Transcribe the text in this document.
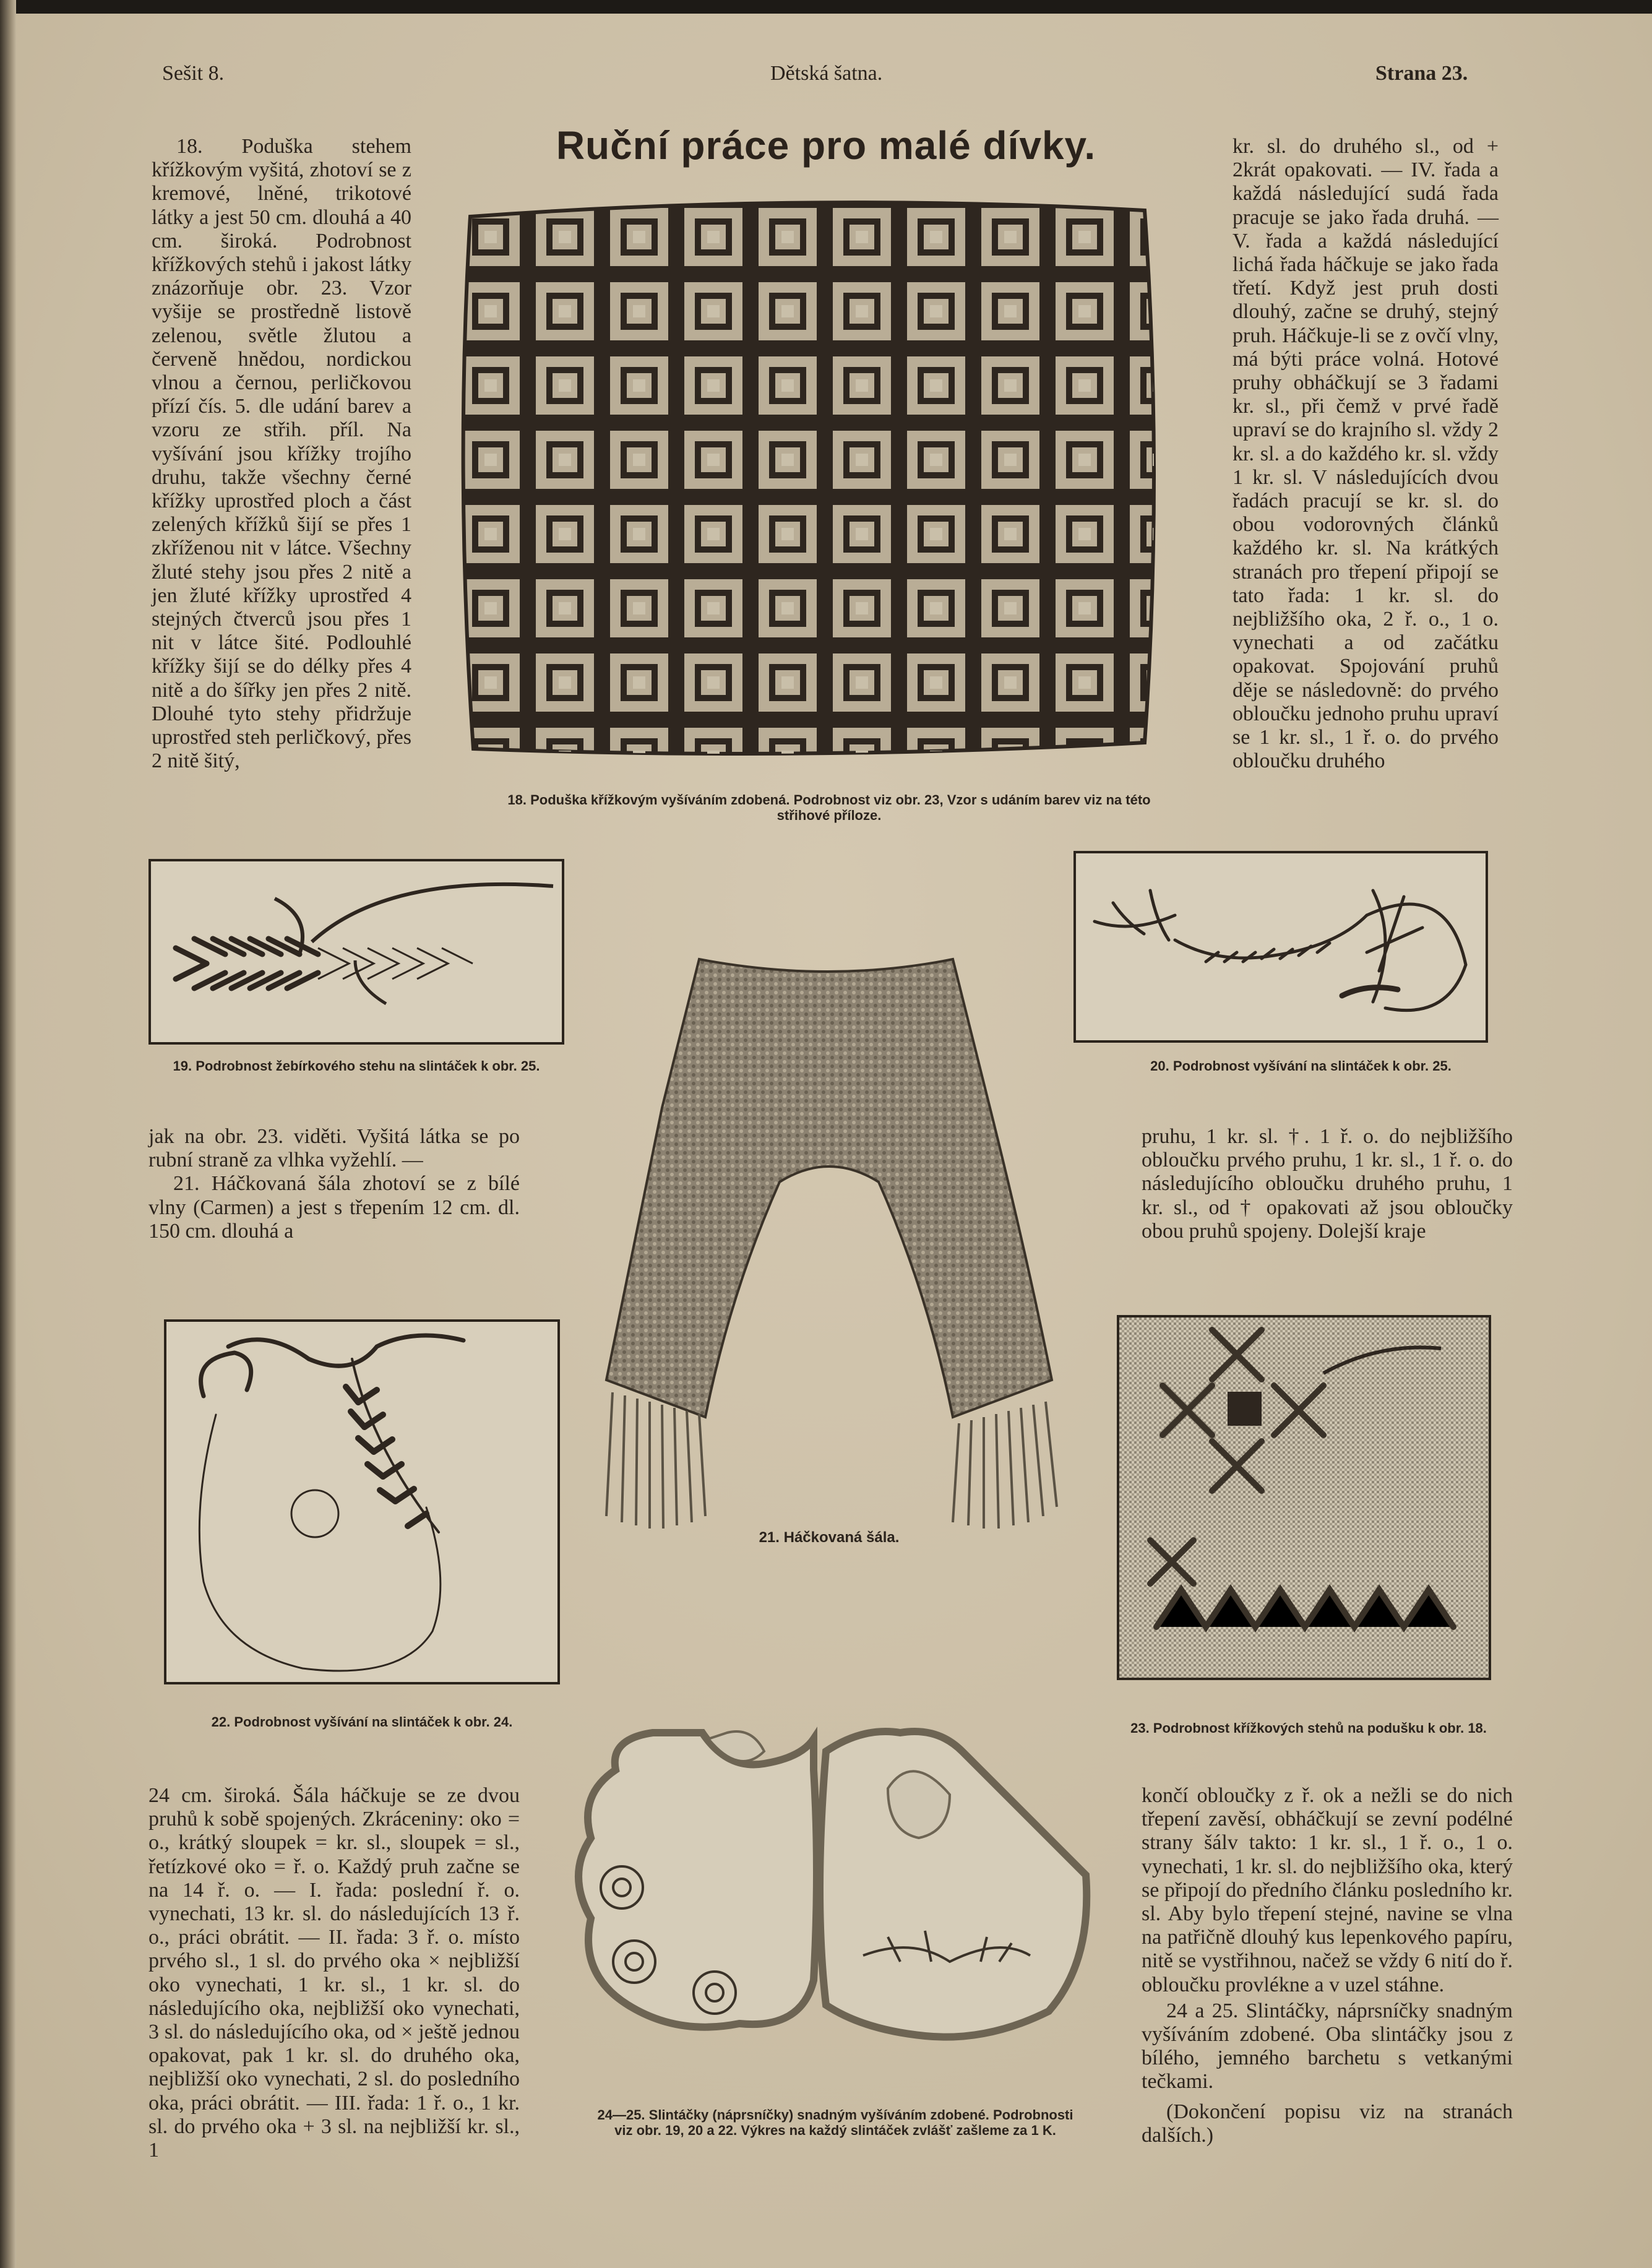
Sešit 8.	Dětská šatna.	Strana 23.
Ruční práce pro malé dívky.

18. Poduška stehem křížkovým vyšitá, zhotoví se z kremové, lněné, trikotové látky a jest 50 cm. dlouhá a 40 cm. široká. Podrobnost křížkových stehů i jakost látky znázorňuje obr. 23. Vzor vyšije se prostředně listově zelenou, světle žlutou a červeně hnědou, nordickou vlnou a černou, perličkovou přízí čís. 5. dle udání barev a vzoru ze střih. příl. Na vyšívání jsou křížky trojího druhu, takže všechny černé křížky uprostřed ploch a část zelených křížků šijí se přes 1 zkříženou nit v látce. Všechny žluté stehy jsou přes 2 nitě a jen žluté křížky uprostřed 4 stejných čtverců jsou přes 1 nit v látce šité. Podlouhlé křížky šijí se do délky přes 4 nitě a do šířky jen přes 2 nitě. Dlouhé tyto stehy přidržuje uprostřed steh perličkový, přes 2 nitě šitý,

kr. sl. do druhého sl., od + 2krát opakovati. — IV. řada a každá následující sudá řada pracuje se jako řada druhá. — V. řada a každá následující lichá řada háčkuje se jako řada třetí. Když jest pruh dosti dlouhý, začne se druhý, stejný pruh. Háčkuje-li se z ovčí vlny, má býti práce volná. Hotové pruhy obháčkují se 3 řadami kr. sl., při čemž v prvé řadě upraví se do krajního sl. vždy 2 kr. sl. a do každého kr. sl. vždy 1 kr. sl. V následujících dvou řadách pracují se kr. sl. do obou vodorovných článků každého kr. sl. Na krátkých stranách pro třepení připojí se tato řada: 1 kr. sl. do nejbližšího oka, 2 ř. o., 1 o. vynechati a od začátku opakovat. Spojování pruhů děje se následovně: do prvého obloučku jednoho pruhu upraví se 1 kr. sl., 1 ř. o. do prvého obloučku druhého

18. Poduška křížkovým vyšíváním zdobená. Podrobnost viz obr. 23, Vzor s udáním barev viz na této střihové příloze.
19. Podrobnost žebírkového stehu na slintáček k obr. 25.	20. Podrobnost vyšívání na slintáček k obr. 25.

jak na obr. 23. viděti. Vyšitá látka se po rubní straně za vlhka vyžehlí. —

21. Háčkovaná šála zhotoví se z bílé vlny (Carmen) a jest s třepením 12 cm. dl. 150 cm. dlouhá a

pruhu, 1 kr. sl. †. 1 ř. o. do nejbližšího obloučku prvého pruhu, 1 kr. sl., 1 ř. o. do následujícího obloučku druhého pruhu, 1 kr. sl., od † opakovati až jsou obloučky obou pruhů spojeny. Dolejší kraje

21. Háčkovaná šála.
22. Podrobnost vyšívání na slintáček k obr. 24.	23. Podrobnost křížkových stehů na podušku k obr. 18.

24 cm. široká. Šála háčkuje se ze dvou pruhů k sobě spojených. Zkráceniny: oko = o., krátký sloupek = kr. sl., sloupek = sl., řetízkové oko = ř. o. Každý pruh začne se na 14 ř. o. — I. řada: poslední ř. o. vynechati, 13 kr. sl. do následujících 13 ř. o., práci obrátit. — II. řada: 3 ř. o. místo prvého sl., 1 sl. do prvého oka × nejbližší oko vynechati, 1 kr. sl., 1 kr. sl. do následujícího oka, nejbližší oko vynechati, 3 sl. do následujícího oka, od × ještě jednou opakovat, pak 1 kr. sl. do druhého oka, nejbližší oko vynechati, 2 sl. do posledního oka, práci obrátit. — III. řada: 1 ř. o., 1 kr. sl. do prvého oka + 3 sl. na nejbližší kr. sl., 1

24—25. Slintáčky (náprsníčky) snadným vyšíváním zdobené. Podrobnosti viz obr. 19, 20 a 22. Výkres na každý slintáček zvlášť zašleme za 1 K.

končí obloučky z ř. ok a nežli se do nich třepení zavěsí, obháčkují se zevní podélné strany šálv takto: 1 kr. sl., 1 ř. o., 1 o. vynechati, 1 kr. sl. do nejbližšího oka, který se připojí do předního článku posledního kr. sl. Aby bylo třepení stejné, navine se vlna na patřičně dlouhý kus lepenkového papíru, nitě se vystřihnou, načež se vždy 6 nití do ř. obloučku provlékne a v uzel stáhne.

24 a 25. Slintáčky, náprsníčky snadným vyšíváním zdobené. Oba slintáčky jsou z bílého, jemného barchetu s vetkanými tečkami.

(Dokončení popisu viz na stranách dalších.)
